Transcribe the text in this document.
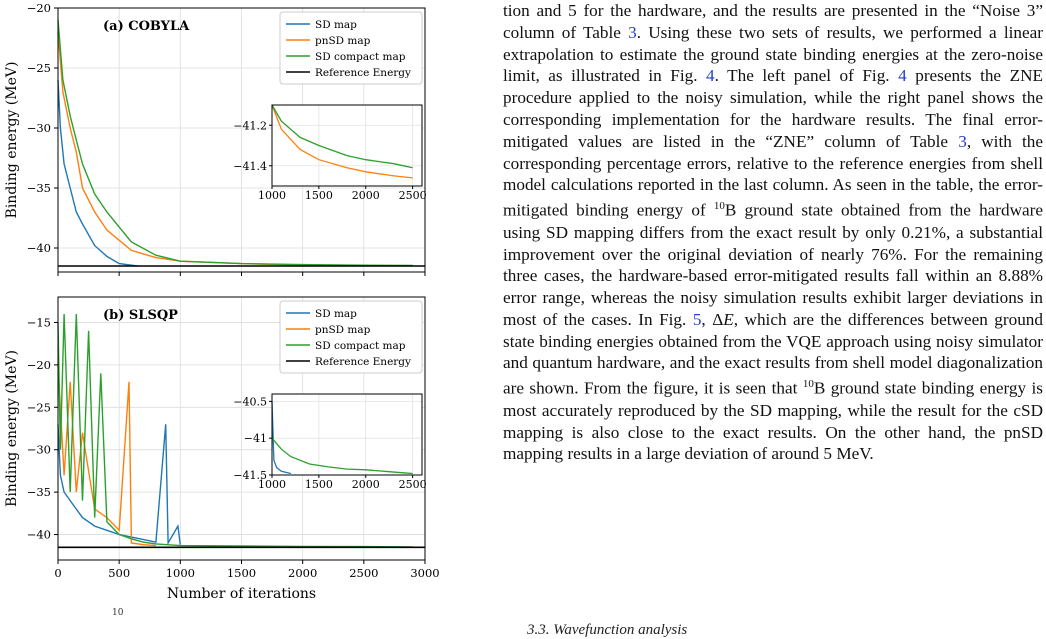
−20
−25
−30
−35
−40
(a) COBYLA
Binding energy (MeV)
SD map
pnSD map
SD compact map
Reference Energy
−41.2
−41.4
1000 1500 2000 2500
−15
−20
−25
−30
−35
−40
0	500	1000	1500	2000	2500	3000
(b) SLSQP
Binding energy (MeV)
SD map
pnSD map
SD compact map
Reference Energy
−40.5
−41
−41.5
1000 1500 2000 2500
Number of iterations
10

tion and 5 for the hardware, and the results are presented in the “Noise 3” column of Table 3. Using these two sets of results, we performed a linear extrapolation to estimate the ground state binding energies at the zero-noise limit, as illustrated in Fig. 4. The left panel of Fig. 4 presents the ZNE procedure applied to the noisy simulation, while the right panel shows the corresponding implementation for the hardware results. The final error-mitigated values are listed in the “ZNE” column of Table 3, with the corresponding percentage errors, relative to the reference energies from shell model calculations reported in the last column. As seen in the table, the error-mitigated binding energy of $^{10}$B ground state obtained from the hardware using SD mapping differs from the exact result by only 0.21%, a substantial improvement over the original deviation of nearly 76%. For the remaining three cases, the hardware-based error-mitigated results fall within an 8.88% error range, whereas the noisy simulation results exhibit larger deviations in most of the cases. In Fig. 5, ΔE, which are the differences between ground state binding energies obtained from the VQE approach using noisy simulator and quantum hardware, and the exact results from shell model diagonalization are shown. From the figure, it is seen that $^{10}$B ground state binding energy is most accurately reproduced by the SD mapping, while the result for the cSD mapping is also close to the exact results. On the other hand, the pnSD mapping results in a large deviation of around 5 MeV.

3.3. Wavefunction analysis
